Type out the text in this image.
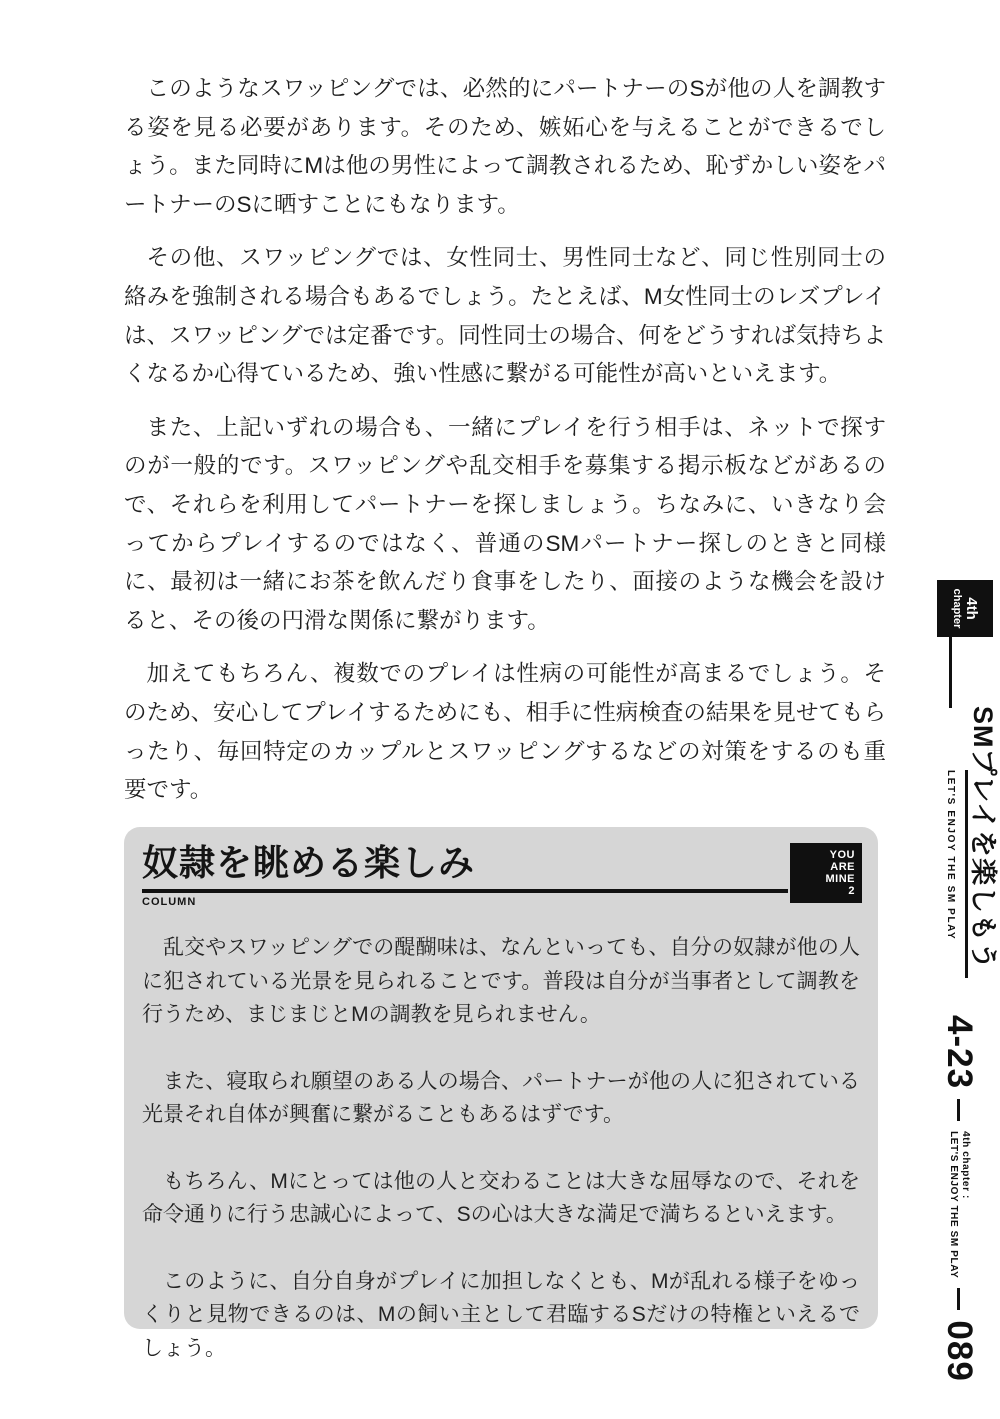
このようなスワッピングでは、必然的にパートナーのSが他の人を調教する姿を見る必要があります。そのため、嫉妬心を与えることができるでしょう。また同時にMは他の男性によって調教されるため、恥ずかしい姿をパートナーのSに晒すことにもなります。

その他、スワッピングでは、女性同士、男性同士など、同じ性別同士の絡みを強制される場合もあるでしょう。たとえば、M女性同士のレズプレイは、スワッピングでは定番です。同性同士の場合、何をどうすれば気持ちよくなるか心得ているため、強い性感に繋がる可能性が高いといえます。

また、上記いずれの場合も、一緒にプレイを行う相手は、ネットで探すのが一般的です。スワッピングや乱交相手を募集する掲示板などがあるので、それらを利用してパートナーを探しましょう。ちなみに、いきなり会ってからプレイするのではなく、普通のSMパートナー探しのときと同様に、最初は一緒にお茶を飲んだり食事をしたり、面接のような機会を設けると、その後の円滑な関係に繋がります。

加えてもちろん、複数でのプレイは性病の可能性が高まるでしょう。そのため、安心してプレイするためにも、相手に性病検査の結果を見せてもらったり、毎回特定のカップルとスワッピングするなどの対策をするのも重要です。

4th
chapter
SMプレイを楽しもう
LET'S ENJOY THE SM PLAY
4-23
4th chapter :
LET'S ENJOY THE SM PLAY
089
奴隷を眺める楽しみ
COLUMN
YOU
ARE
MINE
2

乱交やスワッピングでの醍醐味は、なんといっても、自分の奴隷が他の人に犯されている光景を見られることです。普段は自分が当事者として調教を行うため、まじまじとMの調教を見られません。

また、寝取られ願望のある人の場合、パートナーが他の人に犯されている光景それ自体が興奮に繋がることもあるはずです。

もちろん、Mにとっては他の人と交わることは大きな屈辱なので、それを命令通りに行う忠誠心によって、Sの心は大きな満足で満ちるといえます。

このように、自分自身がプレイに加担しなくとも、Mが乱れる様子をゆっくりと見物できるのは、Mの飼い主として君臨するSだけの特権といえるでしょう。
